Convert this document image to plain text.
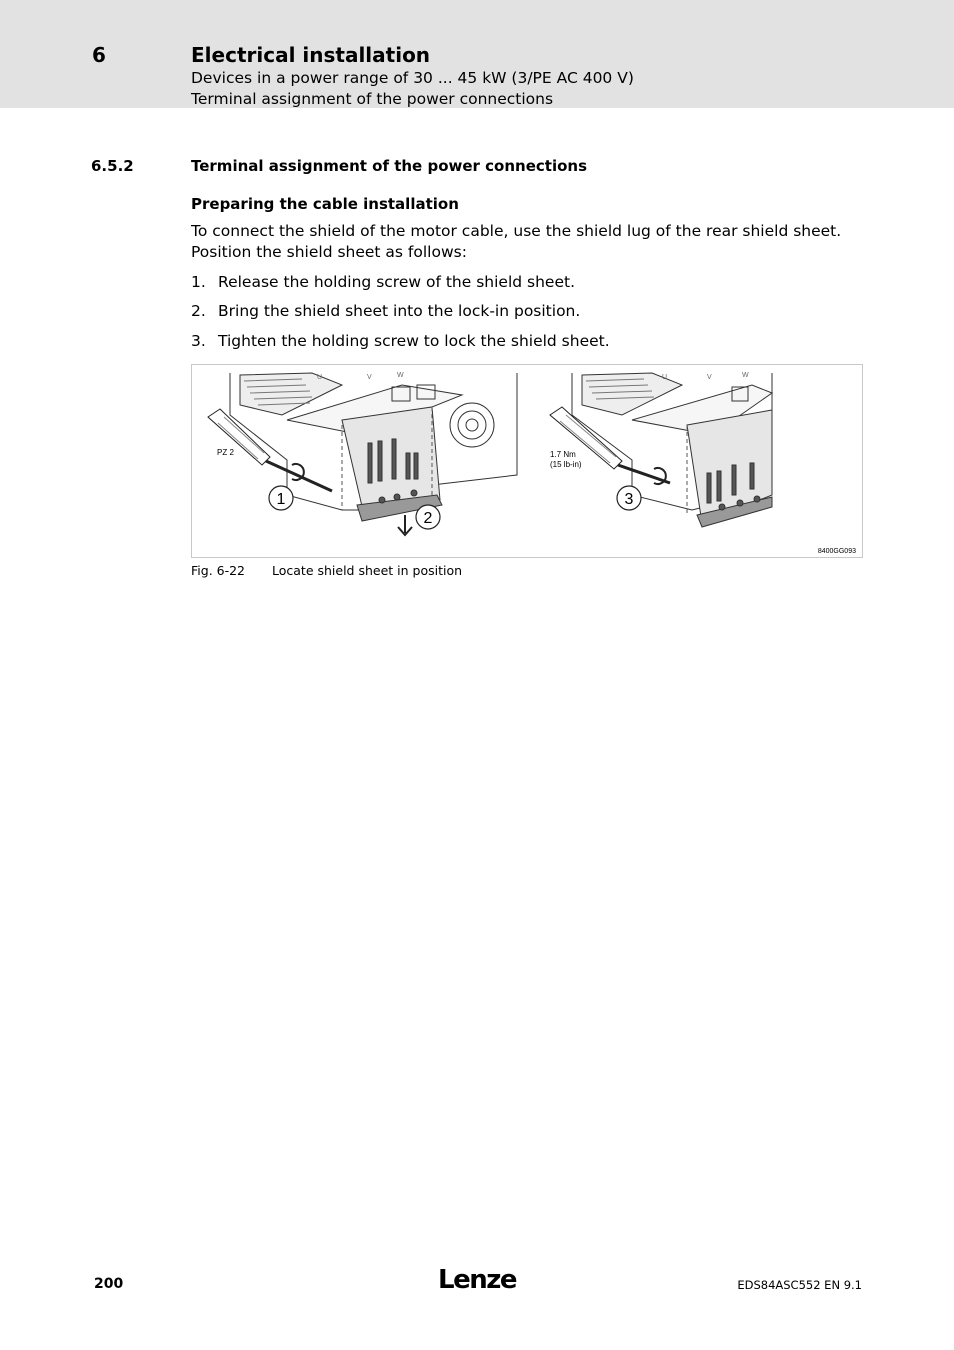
6	Electrical installation
Devices in a power range of 30 ... 45 kW (3/PE AC 400 V)
Terminal assignment of the power connections
6.5.2	Terminal assignment of the power connections
Preparing the cable installation

To connect the shield of the motor cable, use the shield lug of the rear shield sheet. Position the shield sheet as follows:

1. Release the holding screw of the shield sheet.
2. Bring the shield sheet into the lock-in position.
3. Tighten the holding screw to lock the shield sheet.
PZ 2
U	V	W
1
2
1.7 Nm
(15 lb-in)
U	V	W
3
8400GG093
Fig. 6-22 Locate shield sheet in position
200	Lenze	EDS84ASC552 EN 9.1
